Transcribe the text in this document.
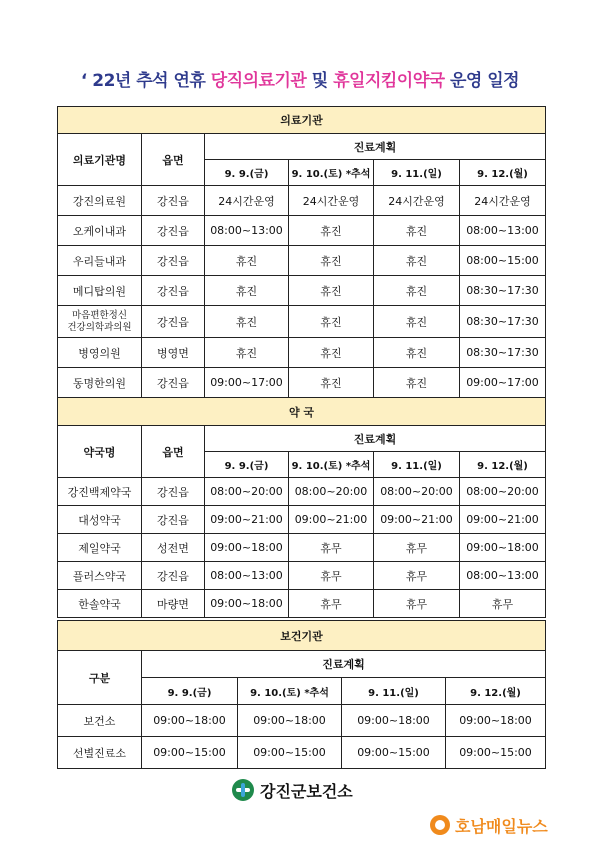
‘ 22년 추석 연휴 당직의료기관 및 휴일지킴이약국 운영 일정
의료기관					
의료기관명	읍면	진료계획			
		9. 9.(금)	9. 10.(토) *추석	9. 11.(일)	9. 12.(월)
강진의료원	강진읍	24시간운영	24시간운영	24시간운영	24시간운영
오케이내과	강진읍	08:00~13:00	휴진	휴진	08:00~13:00
우리들내과	강진읍	휴진	휴진	휴진	08:00~15:00
메디탑의원	강진읍	휴진	휴진	휴진	08:30~17:30
마음편한정신
건강의학과의원	강진읍	휴진	휴진	휴진	08:30~17:30
병영의원	병영면	휴진	휴진	휴진	08:30~17:30
동명한의원	강진읍	09:00~17:00	휴진	휴진	09:00~17:00
약 국					
약국명	읍면	진료계획			
		9. 9.(금)	9. 10.(토) *추석	9. 11.(일)	9. 12.(월)
강진백제약국	강진읍	08:00~20:00	08:00~20:00	08:00~20:00	08:00~20:00
대성약국	강진읍	09:00~21:00	09:00~21:00	09:00~21:00	09:00~21:00
제일약국	성전면	09:00~18:00	휴무	휴무	09:00~18:00
플러스약국	강진읍	08:00~13:00	휴무	휴무	08:00~13:00
한솔약국	마량면	09:00~18:00	휴무	휴무	휴무
보건기관				
구분	진료계획			
	9. 9.(금)	9. 10.(토) *추석	9. 11.(일)	9. 12.(월)
보건소	09:00~18:00	09:00~18:00	09:00~18:00	09:00~18:00
선별진료소	09:00~15:00	09:00~15:00	09:00~15:00	09:00~15:00
강진군보건소
호남매일뉴스
